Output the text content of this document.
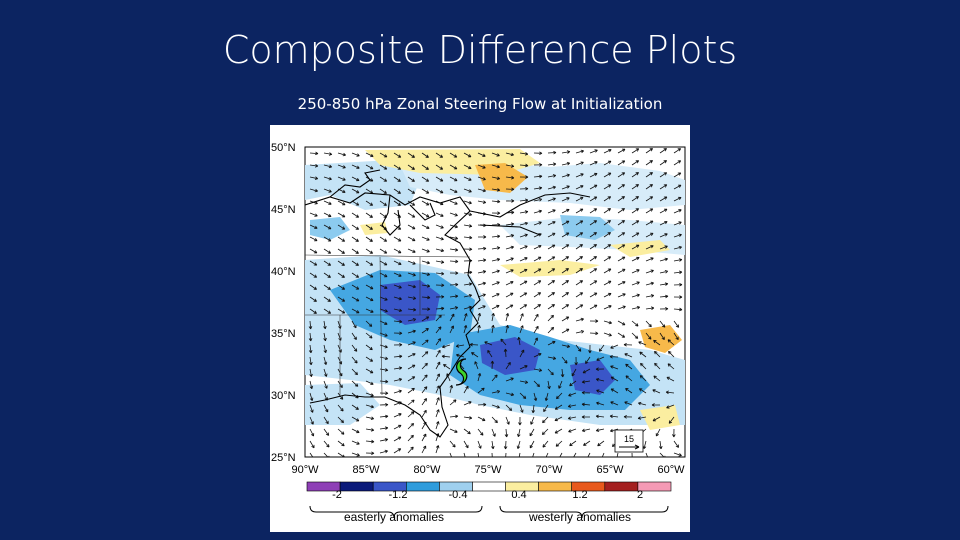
Composite Difference Plots
250-850 hPa Zonal Steering Flow at Initialization
15
50°N
45°N
40°N
35°N
30°N
25°N
90°W	85°W	80°W	75°W	70°W	65°W	60°W
-2	-1.2	-0.4	0.4	1.2	2
easterly anomalies	westerly anomalies
